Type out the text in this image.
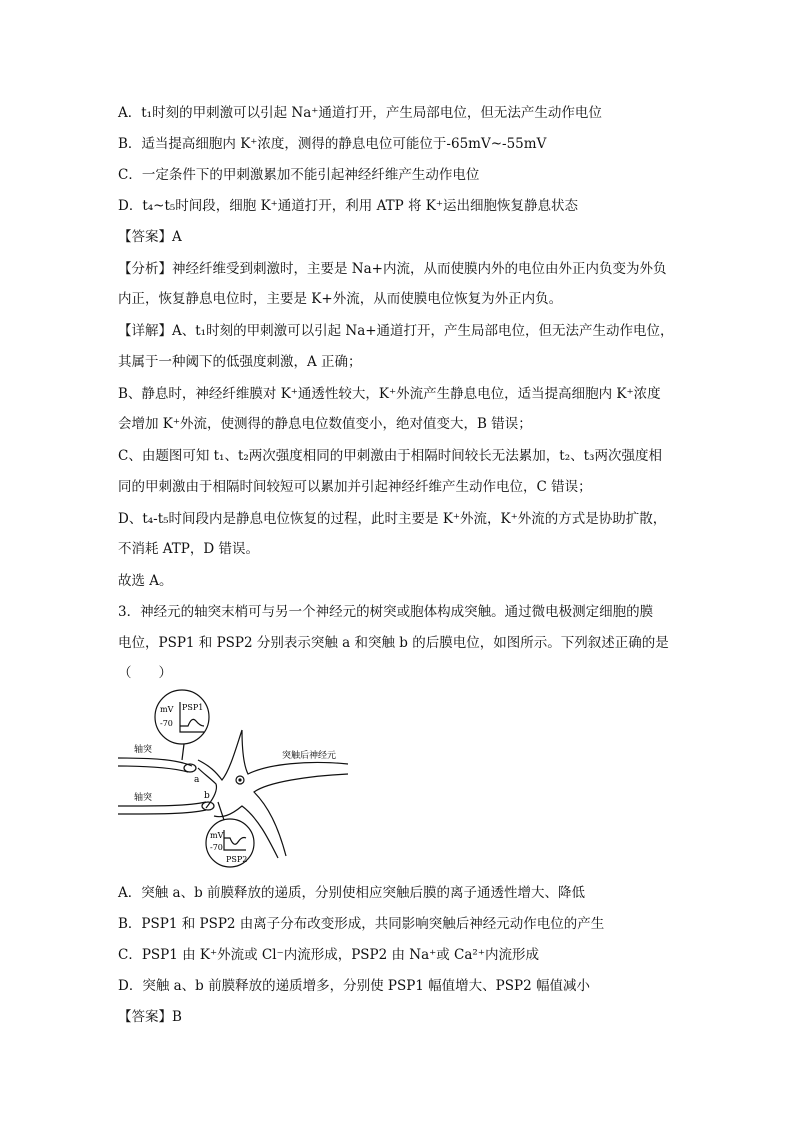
A．t₁时刻的甲刺激可以引起 Na⁺通道打开，产生局部电位，但无法产生动作电位
B．适当提高细胞内 K⁺浓度，测得的静息电位可能位于-65mV~-55mV
C．一定条件下的甲刺激累加不能引起神经纤维产生动作电位
D．t₄~t₅时间段，细胞 K⁺通道打开，利用 ATP 将 K⁺运出细胞恢复静息状态
【答案】A
【分析】神经纤维受到刺激时，主要是 Na+内流，从而使膜内外的电位由外正内负变为外负
内正，恢复静息电位时，主要是 K+外流，从而使膜电位恢复为外正内负。
【详解】A、t₁时刻的甲刺激可以引起 Na+通道打开，产生局部电位，但无法产生动作电位，
其属于一种阈下的低强度刺激，A 正确；
B、静息时，神经纤维膜对 K⁺通透性较大，K⁺外流产生静息电位，适当提高细胞内 K⁺浓度
会增加 K⁺外流，使测得的静息电位数值变小，绝对值变大，B 错误；
C、由题图可知 t₁、t₂两次强度相同的甲刺激由于相隔时间较长无法累加，t₂、t₃两次强度相
同的甲刺激由于相隔时间较短可以累加并引起神经纤维产生动作电位，C 错误；
D、t₄-t₅时间段内是静息电位恢复的过程，此时主要是 K⁺外流，K⁺外流的方式是协助扩散，
不消耗 ATP，D 错误。
故选 A。
3．神经元的轴突末梢可与另一个神经元的树突或胞体构成突触。通过微电极测定细胞的膜
电位，PSP1 和 PSP2 分别表示突触 a 和突触 b 的后膜电位，如图所示。下列叙述正确的是
（　　）
mV
-70
PSP1
mV
-70
PSP2
轴突
轴突
a
b
突触后神经元
A．突触 a、b 前膜释放的递质，分别使相应突触后膜的离子通透性增大、降低
B．PSP1 和 PSP2 由离子分布改变形成，共同影响突触后神经元动作电位的产生
C．PSP1 由 K⁺外流或 Cl⁻内流形成，PSP2 由 Na⁺或 Ca²⁺内流形成
D．突触 a、b 前膜释放的递质增多，分别使 PSP1 幅值增大、PSP2 幅值减小
【答案】B
